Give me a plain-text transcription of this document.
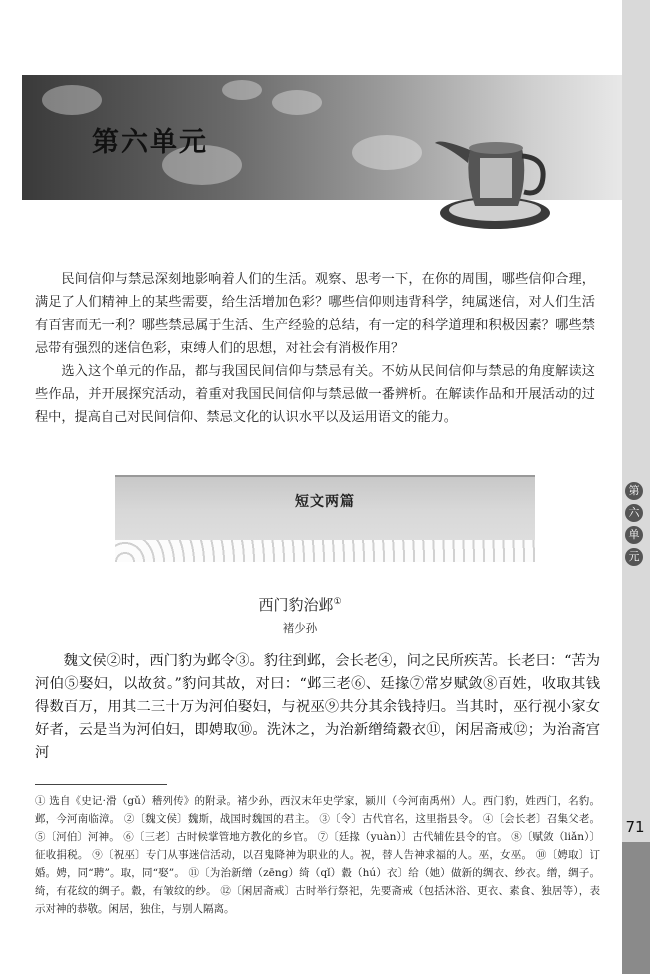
第
六
单
元
71
第六单元

民间信仰与禁忌深刻地影响着人们的生活。观察、思考一下，在你的周围，哪些信仰合理，满足了人们精神上的某些需要，给生活增加色彩？哪些信仰则违背科学，纯属迷信，对人们生活有百害而无一利？哪些禁忌属于生活、生产经验的总结，有一定的科学道理和积极因素？哪些禁忌带有强烈的迷信色彩，束缚人们的思想，对社会有消极作用？

选入这个单元的作品，都与我国民间信仰与禁忌有关。不妨从民间信仰与禁忌的角度解读这些作品，并开展探究活动，着重对我国民间信仰与禁忌做一番辨析。在解读作品和开展活动的过程中，提高自己对民间信仰、禁忌文化的认识水平以及运用语文的能力。

短文两篇
西门豹治邺①
褚少孙

魏文侯②时，西门豹为邺令③。豹往到邺，会长老④，问之民所疾苦。长老曰：“苦为河伯⑤娶妇，以故贫。”豹问其故，对曰：“邺三老⑥、廷掾⑦常岁赋敛⑧百姓，收取其钱得数百万，用其二三十万为河伯娶妇，与祝巫⑨共分其余钱持归。当其时，巫行视小家女好者，云是当为河伯妇，即娉取⑩。洗沐之，为治新缯绮縠衣⑪，闲居斋戒⑫；为治斋宫河

① 选自《史记·滑（gǔ）稽列传》的附录。褚少孙，西汉末年史学家，颍川（今河南禹州）人。西门豹，姓西门，名豹。邺，今河南临漳。 ②〔魏文侯〕魏斯，战国时魏国的君主。 ③〔令〕古代官名，这里指县令。 ④〔会长老〕召集父老。 ⑤〔河伯〕河神。 ⑥〔三老〕古时候掌管地方教化的乡官。 ⑦〔廷掾（yuàn）〕古代辅佐县令的官。 ⑧〔赋敛（liǎn）〕征收捐税。 ⑨〔祝巫〕专门从事迷信活动，以召鬼降神为职业的人。祝，替人告神求福的人。巫，女巫。 ⑩〔娉取〕订婚。娉，同“聘”。取，同“娶”。 ⑪〔为治新缯（zēng）绮（qǐ）縠（hú）衣〕给（她）做新的绸衣、纱衣。缯，绸子。绮，有花纹的绸子。縠，有皱纹的纱。 ⑫〔闲居斋戒〕古时举行祭祀，先要斋戒（包括沐浴、更衣、素食、独居等），表示对神的恭敬。闲居，独住，与别人隔离。
